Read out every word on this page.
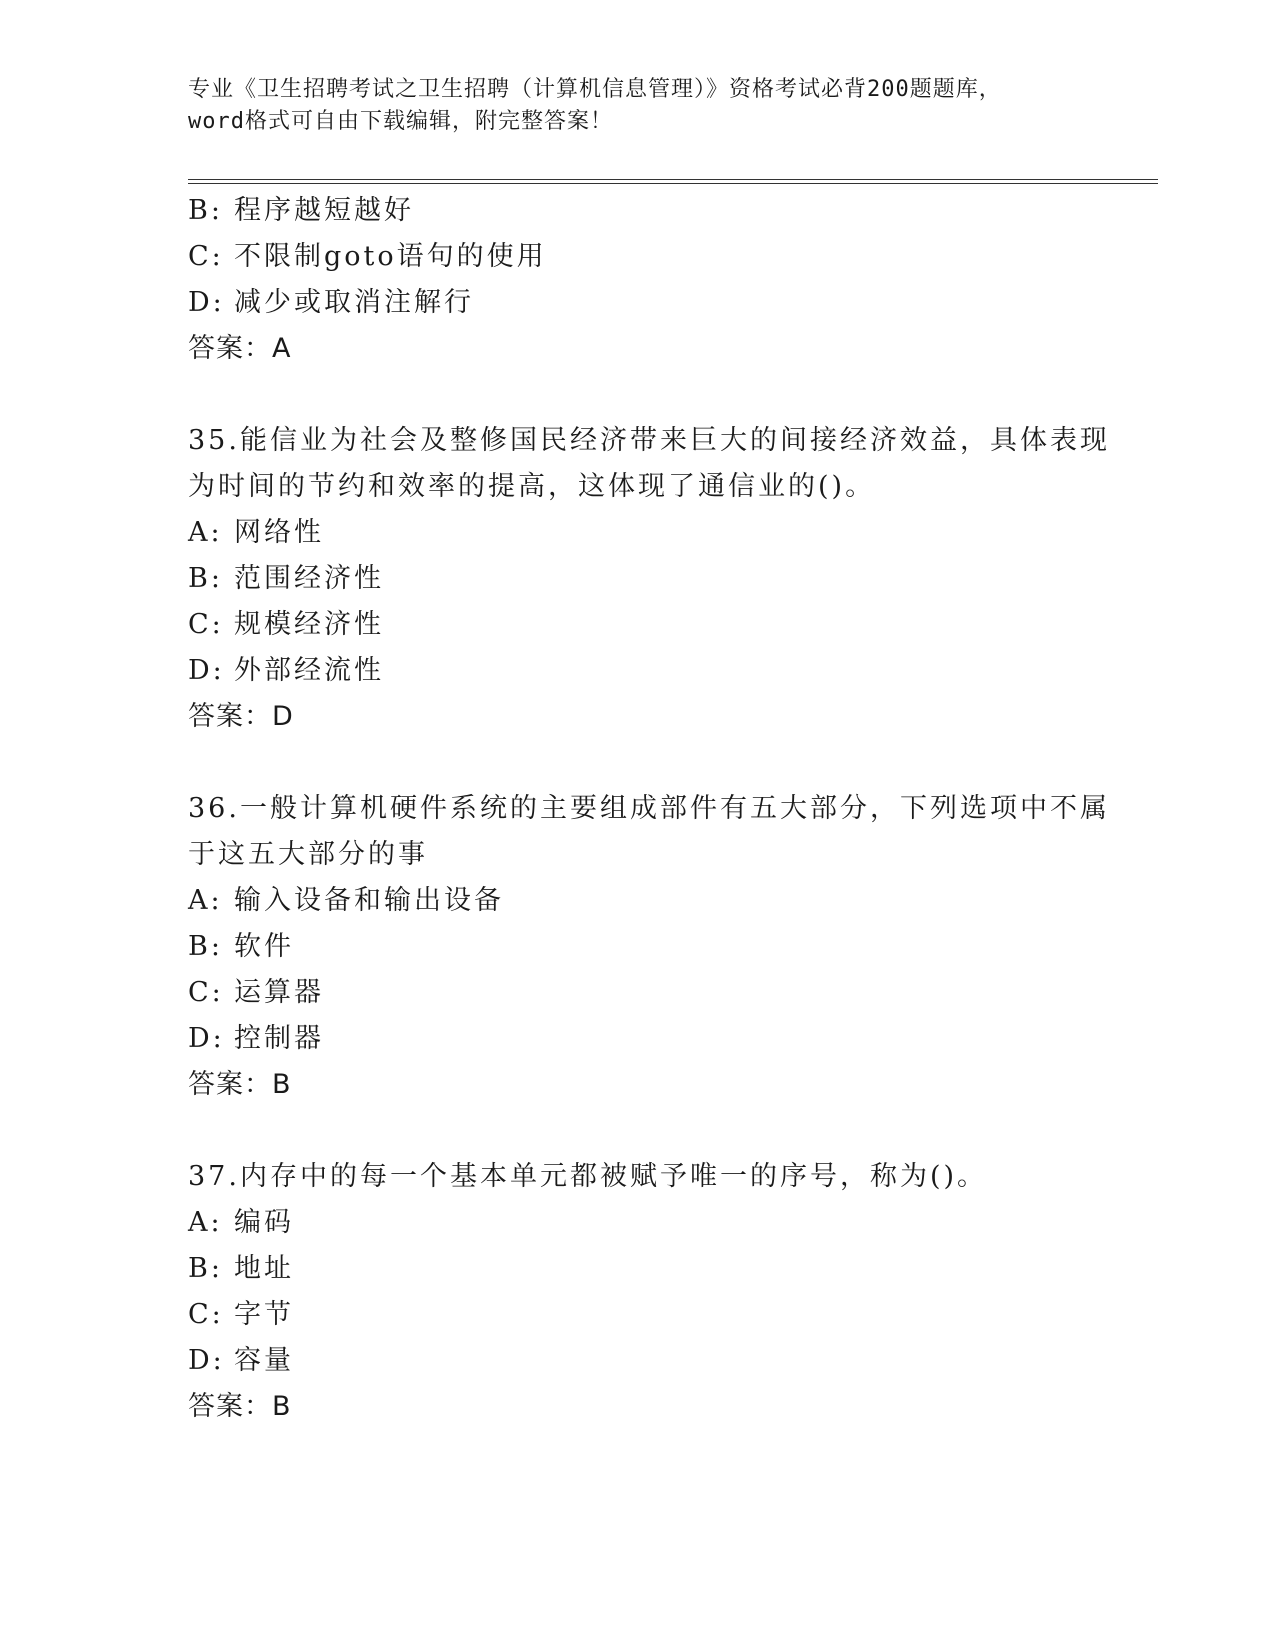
专业《卫生招聘考试之卫生招聘（计算机信息管理）》资格考试必背200题题库，
word格式可自由下载编辑，附完整答案！
B: 程序越短越好
C: 不限制goto语句的使用
D: 减少或取消注解行
答案：A
35.能信业为社会及整修国民经济带来巨大的间接经济效益，具体表现
为时间的节约和效率的提高，这体现了通信业的()。
A: 网络性
B: 范围经济性
C: 规模经济性
D: 外部经流性
答案：D
36.一般计算机硬件系统的主要组成部件有五大部分，下列选项中不属
于这五大部分的事
A: 输入设备和输出设备
B: 软件
C: 运算器
D: 控制器
答案：B
37.内存中的每一个基本单元都被赋予唯一的序号，称为()。
A: 编码
B: 地址
C: 字节
D: 容量
答案：B
